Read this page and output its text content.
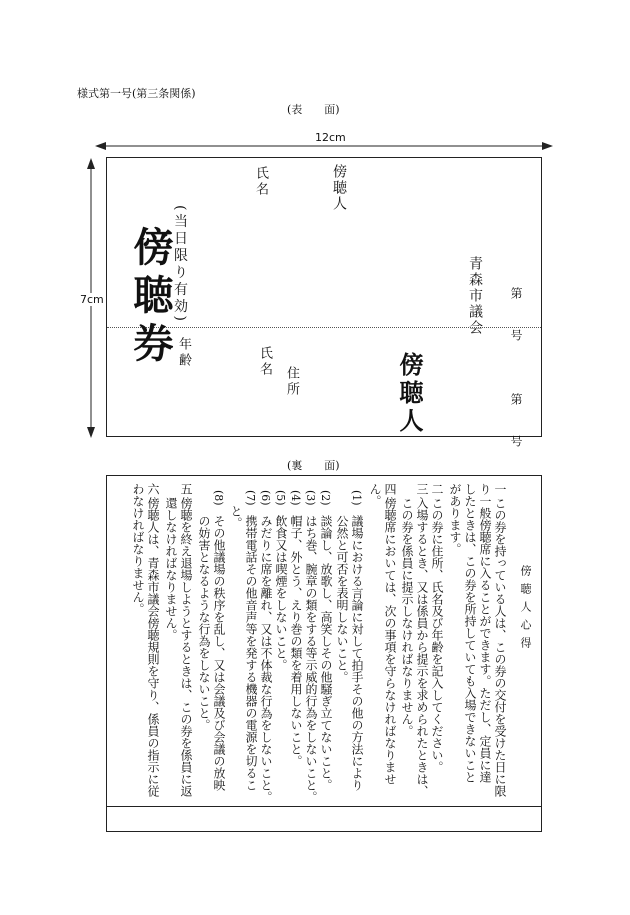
様式第一号(第三条関係)
(表　　面)
12cm
7cm	第　　号
青森市議会
傍聴券
(当日限り有効)
傍聴人
氏名
第　　号
傍聴人
住所
氏名
年齢
(裏　　面)
傍聴人心得
一
この券を持っている人は、この券の交付を受けた日に限
り一般傍聴席に入ることができます。ただし、定員に達
したときは、この券を所持していても入場できないこと
があります。
二
この券に住所、氏名及び年齢を記入してください。
三
入場するとき、又は係員から提示を求められたときは、
この券を係員に提示しなければなりません。
四
傍聴席においては、次の事項を守らなければなりませ
ん。
(1)
議場における言論に対して拍手その他の方法により
公然と可否を表明しないこと。
(2)
談論し、放歌し、高笑しその他騒ぎ立てないこと。
(3)
はち巻、腕章の類をする等示威的行為をしないこと。
(4)
帽子、外とう、えり巻の類を着用しないこと。
(5)
飲食又は喫煙をしないこと。
(6)
みだりに席を離れ、又は不体裁な行為をしないこと。
(7)
携帯電話その他音声等を発する機器の電源を切るこ
と。
(8)
その他議場の秩序を乱し、又は会議及び会議の放映
の妨害となるような行為をしないこと。
五
傍聴を終え退場しようとするときは、この券を係員に返
還しなければなりません。
六
傍聴人は、青森市議会傍聴規則を守り、係員の指示に従
わなければなりません。
